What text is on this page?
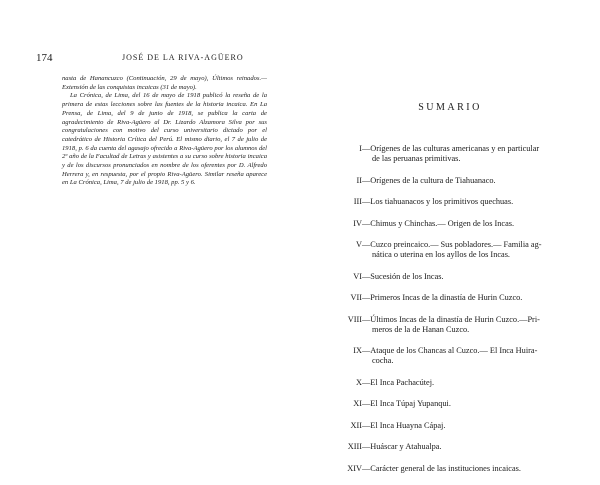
174	JOSÉ DE LA RIVA-AGÜERO

nasta de Hanancuzco (Continuación, 29 de mayo), Últimos reinados.— Extensión de las conquistas incaicas (31 de mayo).

La Crónica, de Lima, del 16 de mayo de 1918 publicó la reseña de la primera de estas lecciones sobre las fuentes de la historia incaica. En La Prensa, de Lima, del 9 de junio de 1918, se publica la carta de agradecimiento de Riva-Agüero al Dr. Lizardo Alzamora Silva por sus congratulaciones con motivo del curso universitario dictado por el catedrático de Historia Crítica del Perú. El mismo diario, el 7 de julio de 1918, p. 6 da cuenta del agasajo ofrecido a Riva-Agüero por los alumnos del 2º año de la Facultad de Letras y asistentes a su curso sobre historia incaica y de los discursos pronunciados en nombre de los oferentes por D. Alfredo Herrera y, en respuesta, por el propio Riva-Agüero. Similar reseña aparece en La Crónica, Lima, 7 de julio de 1918, pp. 5 y 6.

SUMARIO
I —Orígenes de las culturas americanas y en particular
de las peruanas primitivas.
II —Orígenes de la cultura de Tiahuanaco.
III —Los tiahuanacos y los primitivos quechuas.
IV —Chimus y Chinchas.— Origen de los Incas.
V —Cuzco preincaico.— Sus pobladores.— Familia ag-
nática o uterina en los ayllos de los Incas.
VI —Sucesión de los Incas.
VII —Primeros Incas de la dinastía de Hurin Cuzco.
VIII —Últimos Incas de la dinastía de Hurin Cuzco.—Pri-
meros de la de Hanan Cuzco.
IX —Ataque de los Chancas al Cuzco.— El Inca Huira-
cocha.
X —El Inca Pachacútej.
XI —El Inca Túpaj Yupanqui.
XII —El Inca Huayna Cápaj.
XIII —Huáscar y Atahualpa.
XIV —Carácter general de las instituciones incaicas.
